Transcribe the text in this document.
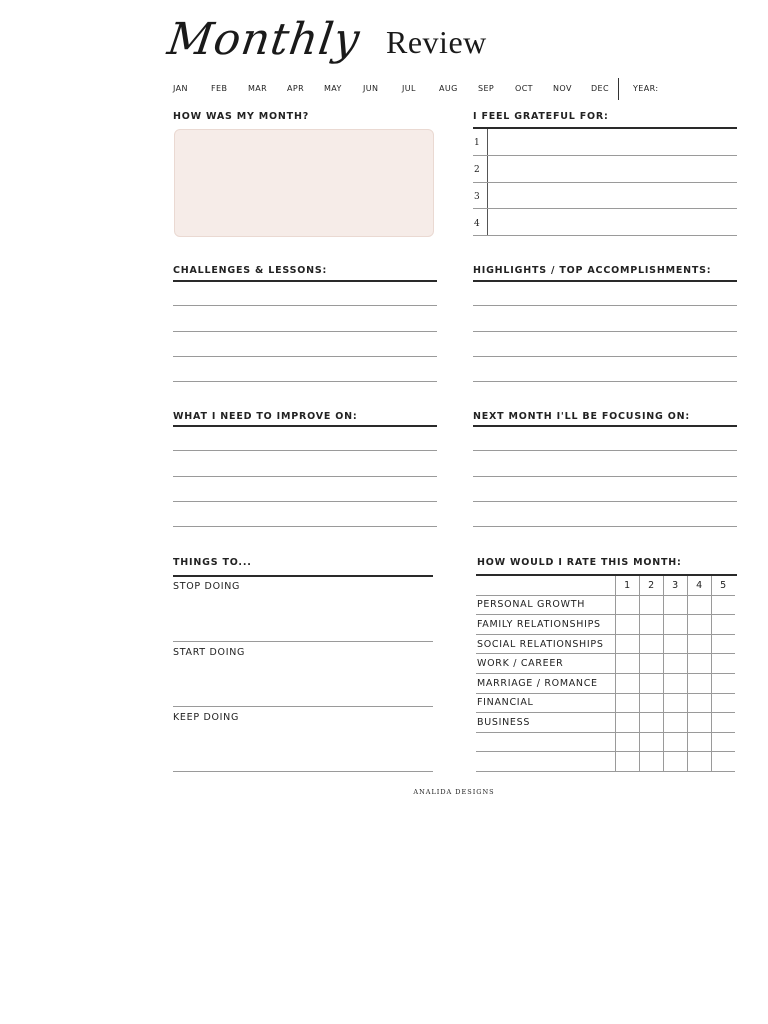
Monthly Review
JAN	FEB	MAR APR MAY	JUN	JUL	AUG	SEP	OCT	NOV DEC	YEAR:
HOW WAS MY MONTH?	I FEEL GRATEFUL FOR:
1
2
3
4
CHALLENGES & LESSONS:	HIGHLIGHTS / TOP ACCOMPLISHMENTS:
WHAT I NEED TO IMPROVE ON:	NEXT MONTH I'LL BE FOCUSING ON:
THINGS TO...
STOP DOING
START DOING
KEEP DOING
HOW WOULD I RATE THIS MONTH:
	1	2	3	4	5
PERSONAL GROWTH					
FAMILY RELATIONSHIPS					
SOCIAL RELATIONSHIPS					
WORK / CAREER					
MARRIAGE / ROMANCE					
FINANCIAL					
BUSINESS					

ANALIDA DESIGNS
